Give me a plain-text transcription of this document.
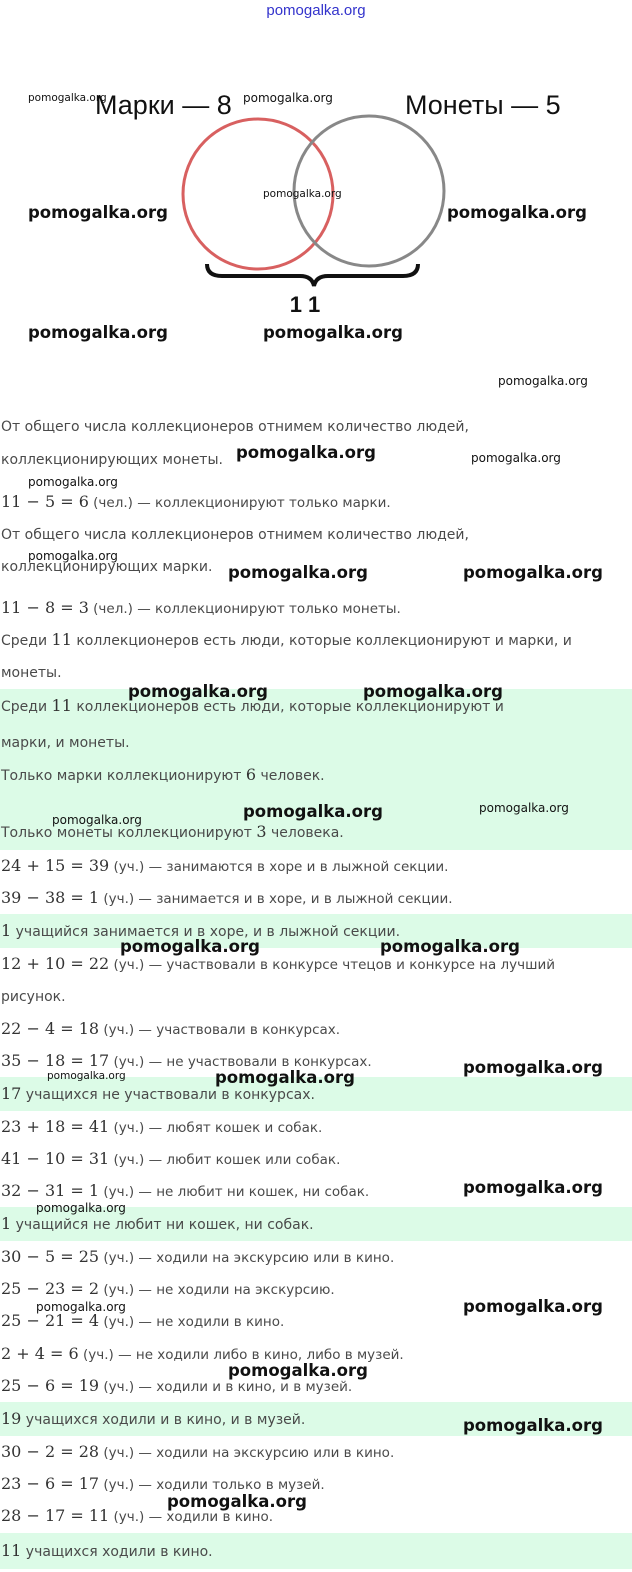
pomogalka.org
Марки — 8	Монеты — 5
1 1
От общего числа коллекционеров отнимем количество людей,
коллекционирующих монеты.
11 − 5 = 6 (чел.) — коллекционируют только марки.
От общего числа коллекционеров отнимем количество людей,
коллекционирующих марки.
11 − 8 = 3 (чел.) — коллекционируют только монеты.
Среди 11 коллекционеров есть люди, которые коллекционируют и марки, и
монеты.
Среди 11 коллекционеров есть люди, которые коллекционируют и
марки, и монеты.
Только марки коллекционируют 6 человек.
Только монеты коллекционируют 3 человека.
24 + 15 = 39 (уч.) — занимаются в хоре и в лыжной секции.
39 − 38 = 1 (уч.) — занимается и в хоре, и в лыжной секции.
1 учащийся занимается и в хоре, и в лыжной секции.
12 + 10 = 22 (уч.) — участвовали в конкурсе чтецов и конкурсе на лучший
рисунок.
22 − 4 = 18 (уч.) — участвовали в конкурсах.
35 − 18 = 17 (уч.) — не участвовали в конкурсах.
17 учащихся не участвовали в конкурсах.
23 + 18 = 41 (уч.) — любят кошек и собак.
41 − 10 = 31 (уч.) — любит кошек или собак.
32 − 31 = 1 (уч.) — не любит ни кошек, ни собак.
1 учащийся не любит ни кошек, ни собак.
30 − 5 = 25 (уч.) — ходили на экскурсию или в кино.
25 − 23 = 2 (уч.) — не ходили на экскурсию.
25 − 21 = 4 (уч.) — не ходили в кино.
2 + 4 = 6 (уч.) — не ходили либо в кино, либо в музей.
25 − 6 = 19 (уч.) — ходили и в кино, и в музей.
19 учащихся ходили и в кино, и в музей.
30 − 2 = 28 (уч.) — ходили на экскурсию или в кино.
23 − 6 = 17 (уч.) — ходили только в музей.
28 − 17 = 11 (уч.) — ходили в кино.
11 учащихся ходили в кино.
pomogalka.org	pomogalka.org
pomogalka.org
pomogalka.org	pomogalka.org
pomogalka.org	pomogalka.org
pomogalka.org
pomogalka.org	pomogalka.org
pomogalka.org
pomogalka.org
pomogalka.org	pomogalka.org
pomogalka.org	pomogalka.org
pomogalka.org	pomogalka.org
pomogalka.org
pomogalka.org	pomogalka.org
pomogalka.org
pomogalka.org
pomogalka.org
pomogalka.org
pomogalka.org
pomogalka.org
pomogalka.org
pomogalka.org
pomogalka.org
pomogalka.org
